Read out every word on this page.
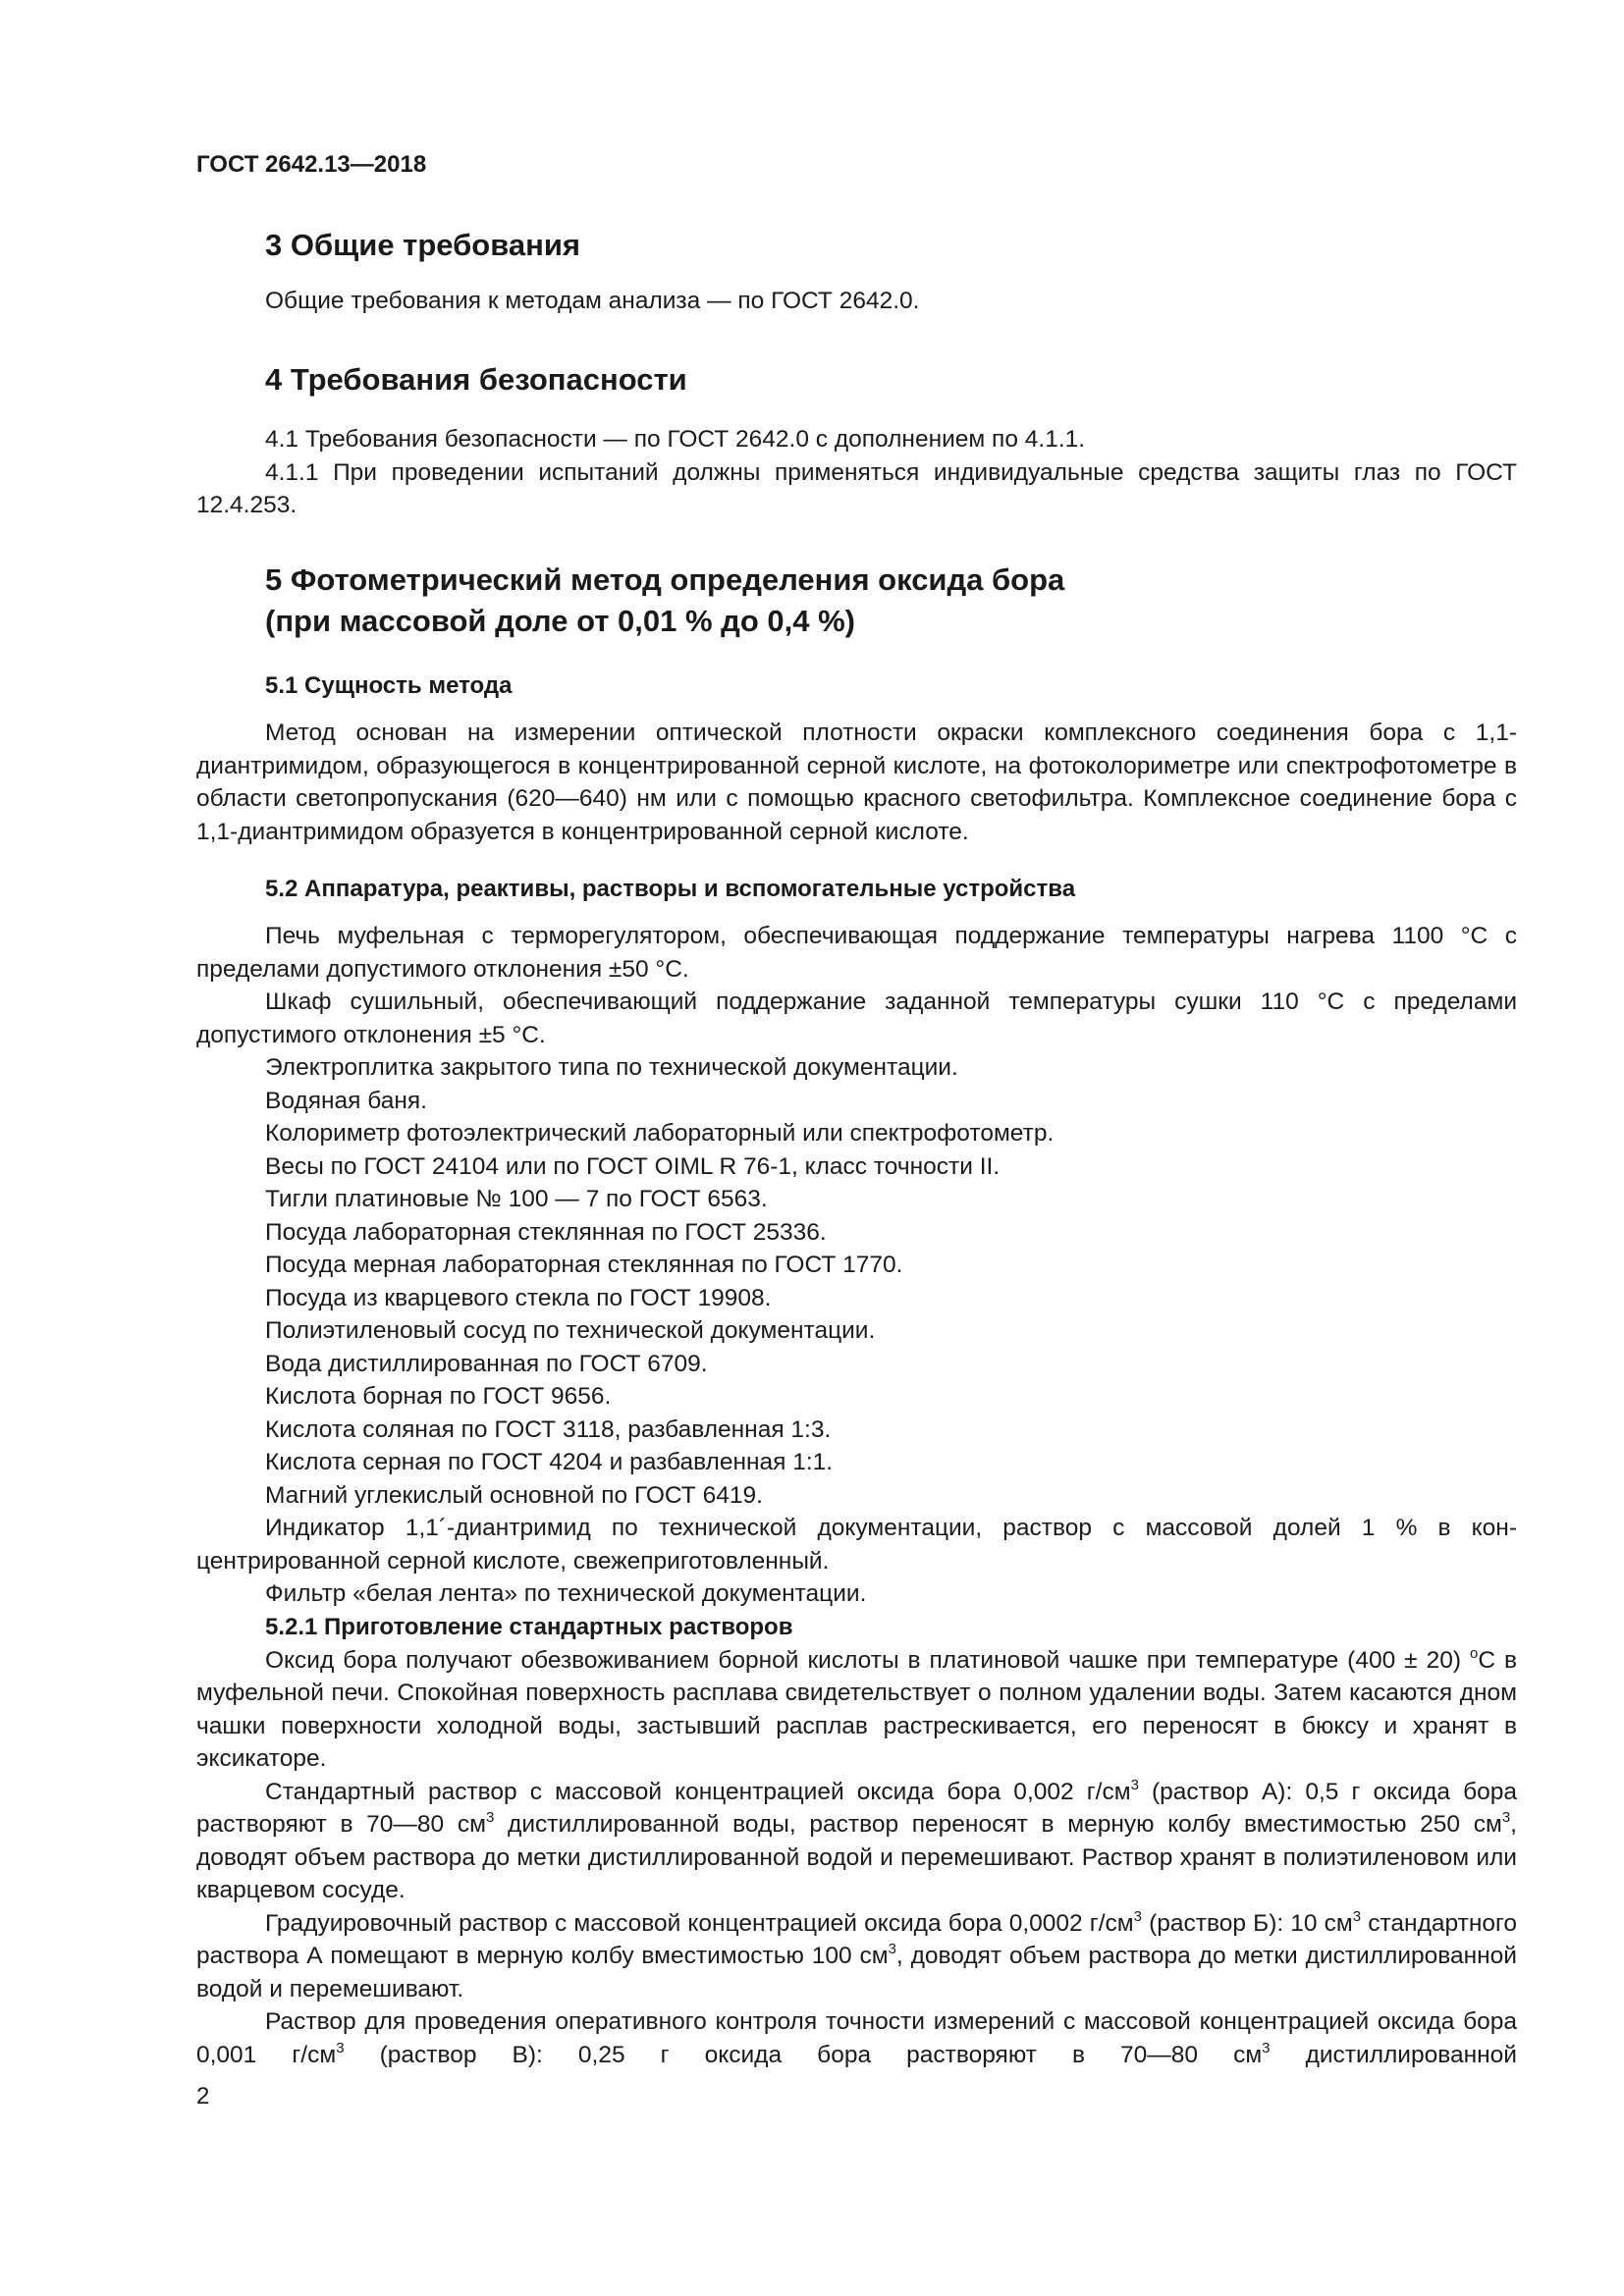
ГОСТ 2642.13—2018
3 Общие требования

Общие требования к методам анализа — по ГОСТ 2642.0.

4 Требования безопасности

4.1 Требования безопасности — по ГОСТ 2642.0 с дополнением по 4.1.1.

4.1.1 При проведении испытаний должны применяться индивидуальные средства защиты глаз по ГОСТ 12.4.253.

5 Фотометрический метод определения оксида бора
(при массовой доле от 0,01 % до 0,4 %)
5.1 Сущность метода

Метод основан на измерении оптической плотности окраски комплексного соединения бора с 1,1-диантримидом, образующегося в концентрированной серной кислоте, на фотоколориметре или спектрофотометре в области светопропускания (620—640) нм или с помощью красного светофильтра. Комплексное соединение бора с 1,1-диантримидом образуется в концентрированной серной кислоте.

5.2 Аппаратура, реактивы, растворы и вспомогательные устройства

Печь муфельная с терморегулятором, обеспечивающая поддержание температуры нагрева 1100 °С с пределами допустимого отклонения ±50 °С.

Шкаф сушильный, обеспечивающий поддержание заданной температуры сушки 110 °С с пределами допустимого отклонения ±5 °С.

Электроплитка закрытого типа по технической документации.

Водяная баня.

Колориметр фотоэлектрический лабораторный или спектрофотометр.

Весы по ГОСТ 24104 или по ГОСТ OIML R 76-1, класс точности II.

Тигли платиновые № 100 — 7 по ГОСТ 6563.

Посуда лабораторная стеклянная по ГОСТ 25336.

Посуда мерная лабораторная стеклянная по ГОСТ 1770.

Посуда из кварцевого стекла по ГОСТ 19908.

Полиэтиленовый сосуд по технической документации.

Вода дистиллированная по ГОСТ 6709.

Кислота борная по ГОСТ 9656.

Кислота соляная по ГОСТ 3118, разбавленная 1:3.

Кислота серная по ГОСТ 4204 и разбавленная 1:1.

Магний углекислый основной по ГОСТ 6419.

Индикатор 1,1´-диантримид по технической документации, раствор с массовой долей 1 % в концентрированной серной кислоте, свежеприготовленный.

Фильтр «белая лента» по технической документации.

5.2.1 Приготовление стандартных растворов

Оксид бора получают обезвоживанием борной кислоты в платиновой чашке при температуре (400 ± 20) $^о$С в муфельной печи. Спокойная поверхность расплава свидетельствует о полном удалении воды. Затем касаются дном чашки поверхности холодной воды, застывший расплав растрескивается, его переносят в бюксу и хранят в эксикаторе.

Стандартный раствор с массовой концентрацией оксида бора 0,002 $г/см^3$ (раствор А): 0,5 г оксида бора растворяют в 70—80 $см^3$ дистиллированной воды, раствор переносят в мерную колбу вместимостью 250 $см^3$, доводят объем раствора до метки дистиллированной водой и перемешивают. Раствор хранят в полиэтиленовом или кварцевом сосуде.

Градуировочный раствор с массовой концентрацией оксида бора 0,0002 $г/см^3$ (раствор Б): 10 $см^3$ стандартного раствора А помещают в мерную колбу вместимостью 100 $см^3$, доводят объем раствора до метки дистиллированной водой и перемешивают.

Раствор для проведения оперативного контроля точности измерений с массовой концентрацией оксида бора 0,001 $г/см^3$ (раствор В): 0,25 г оксида бора растворяют в 70—80 $см^3$ дистиллированной

2
